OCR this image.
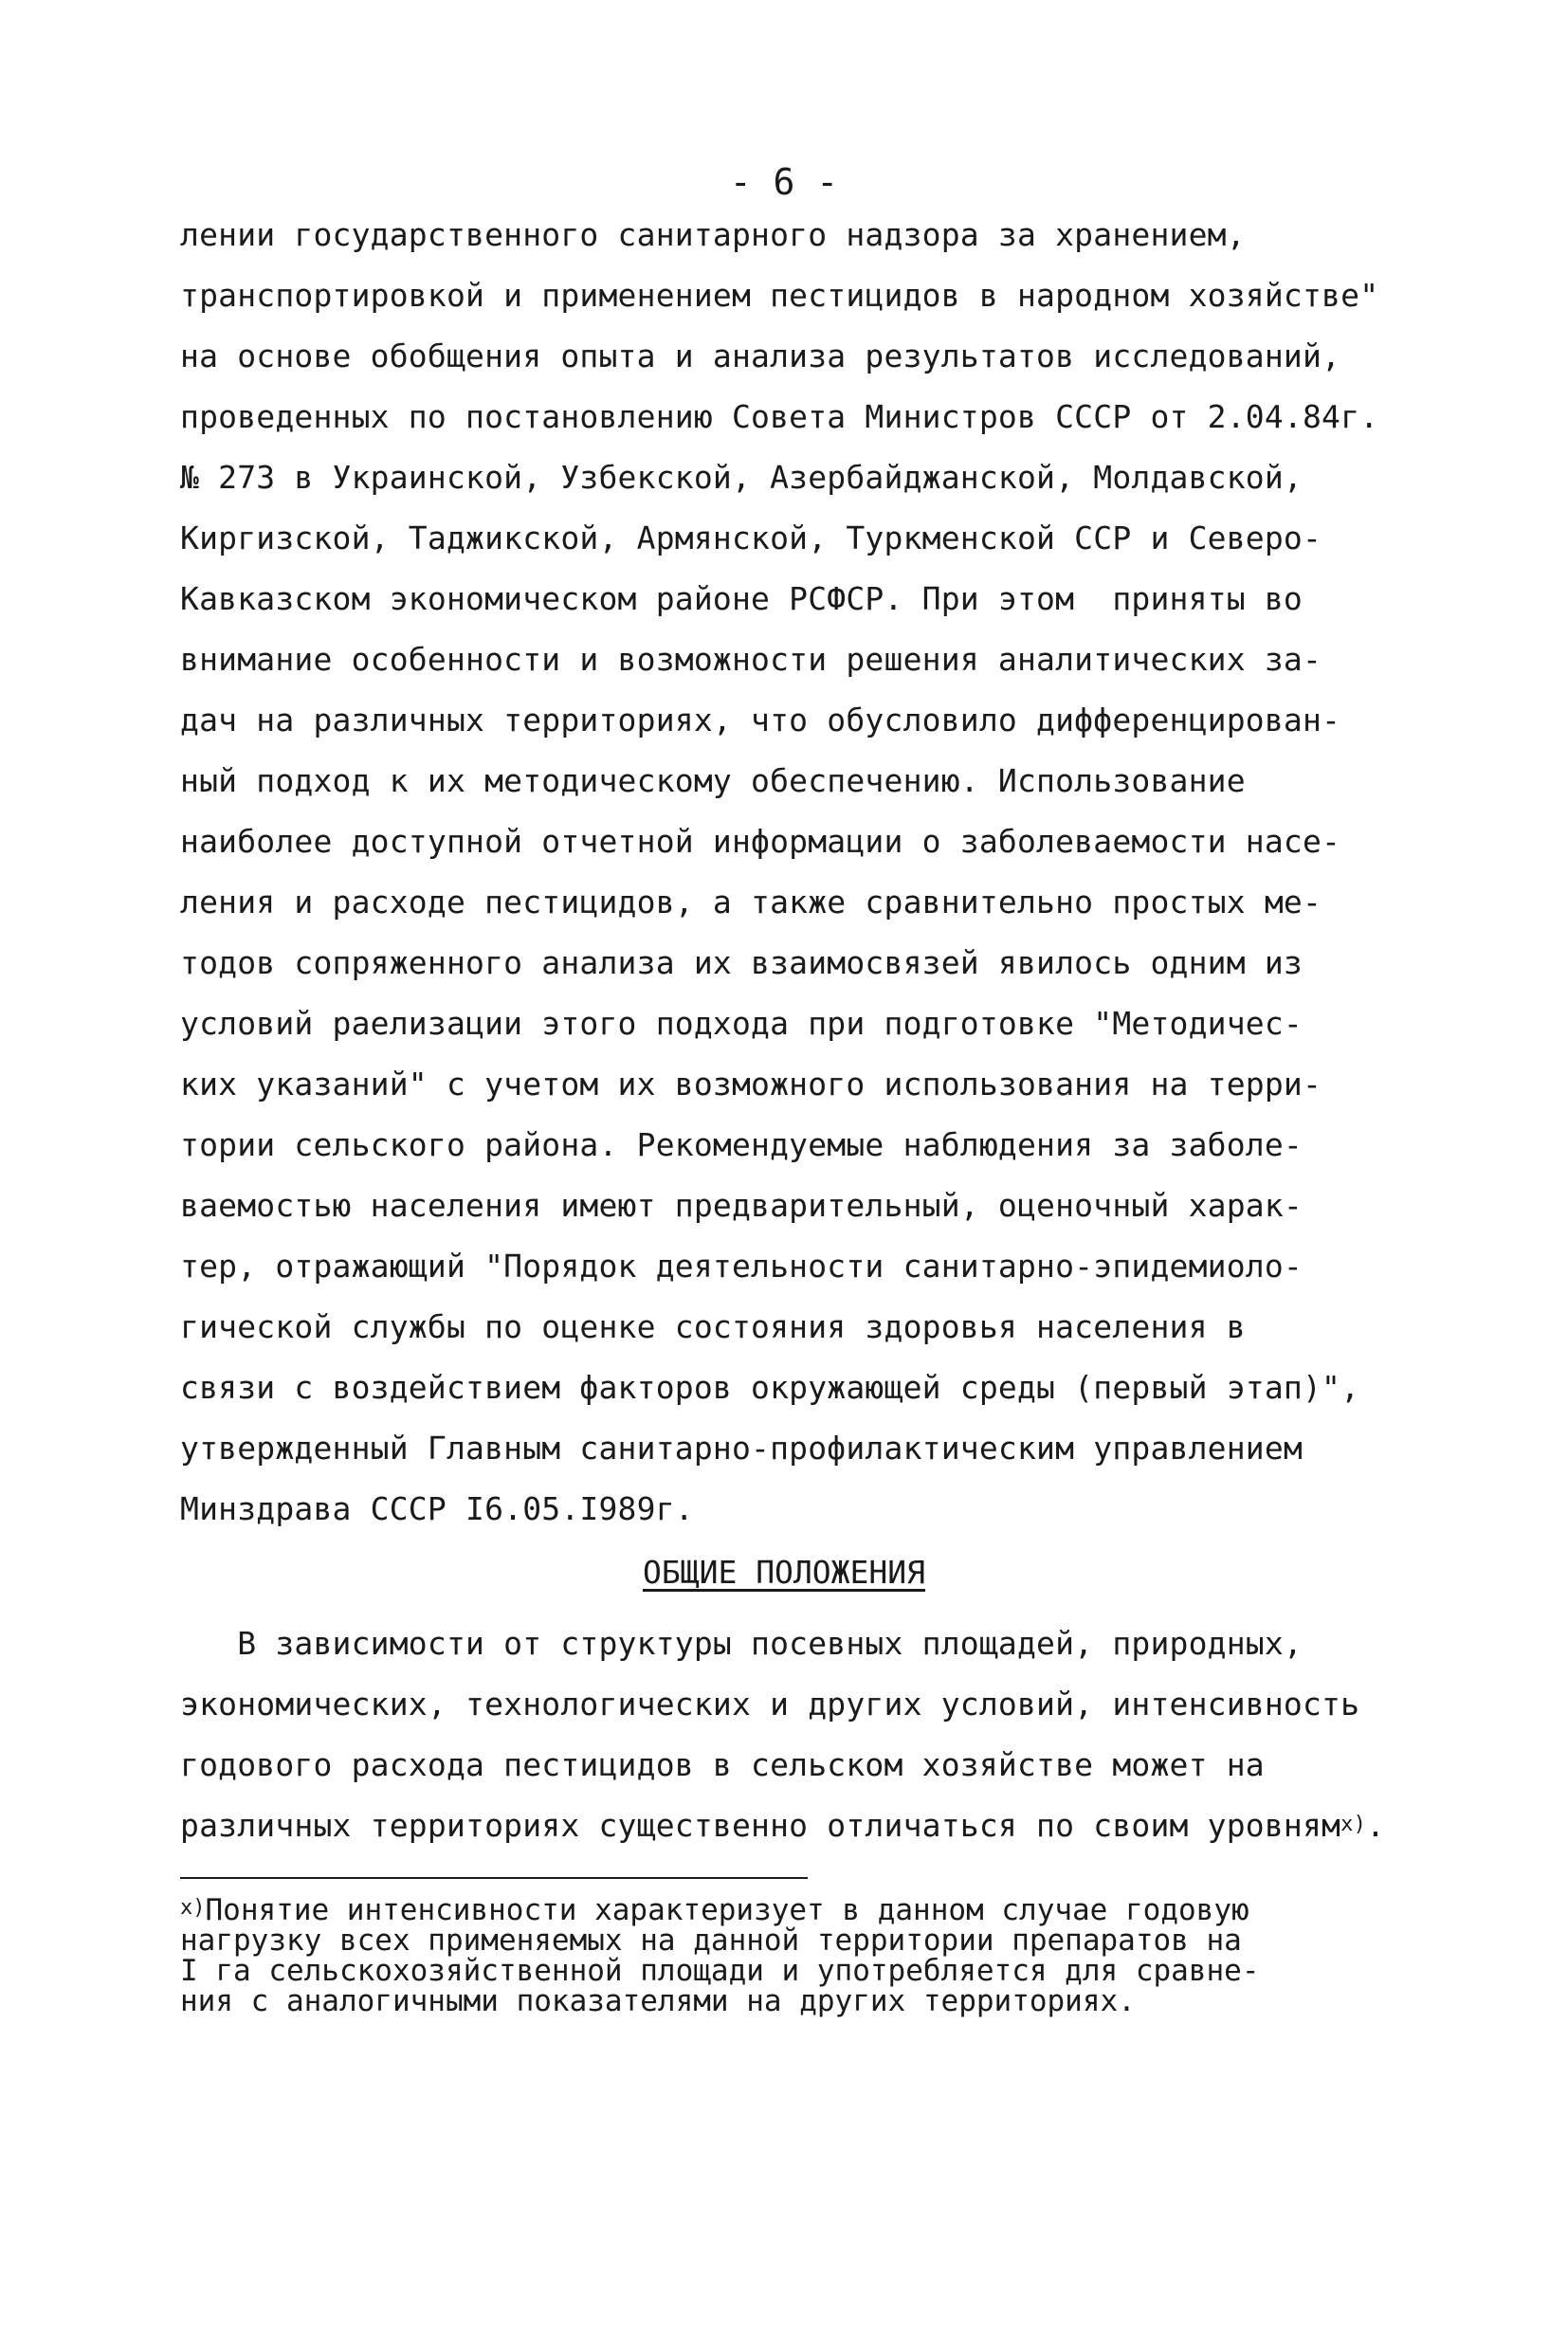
- 6 -
лении государственного санитарного надзора за хранением,
транспортировкой и применением пестицидов в народном хозяйстве"
на основе обобщения опыта и анализа результатов исследований,
проведенных по постановлению Совета Министров СССР от 2.04.84г.
№ 273 в Украинской, Узбекской, Азербайджанской, Молдавской,
Киргизской, Таджикской, Армянской, Туркменской ССР и Северо-
Кавказском экономическом районе РСФСР. При этом  приняты во
внимание особенности и возможности решения аналитических за-
дач на различных территориях, что обусловило дифференцирован-
ный подход к их методическому обеспечению. Использование
наиболее доступной отчетной информации о заболеваемости насе-
ления и расходе пестицидов, а также сравнительно простых ме-
тодов сопряженного анализа их взаимосвязей явилось одним из
условий раелизации этого подхода при подготовке "Методичес-
ких указаний" с учетом их возможного использования на терри-
тории сельского района. Рекомендуемые наблюдения за заболе-
ваемостью населения имеют предварительный, оценочный харак-
тер, отражающий "Порядок деятельности санитарно-эпидемиоло-
гической службы по оценке состояния здоровья населения в
связи с воздействием факторов окружающей среды (первый этап)",
утвержденный Главным санитарно-профилактическим управлением
Минздрава СССР I6.05.I989г.
ОБЩИЕ ПОЛОЖЕНИЯ
В зависимости от структуры посевных площадей, природных,
экономических, технологических и других условий, интенсивность
годового расхода пестицидов в сельском хозяйстве может на
различных территориях существенно отличаться по своим уровням$^{x)}$.
$^{x)}$Понятие интенсивности характеризует в данном случае годовую
нагрузку всех применяемых на данной территории препаратов на
I га сельскохозяйственной площади и употребляется для сравне-
ния с аналогичными показателями на других территориях.
